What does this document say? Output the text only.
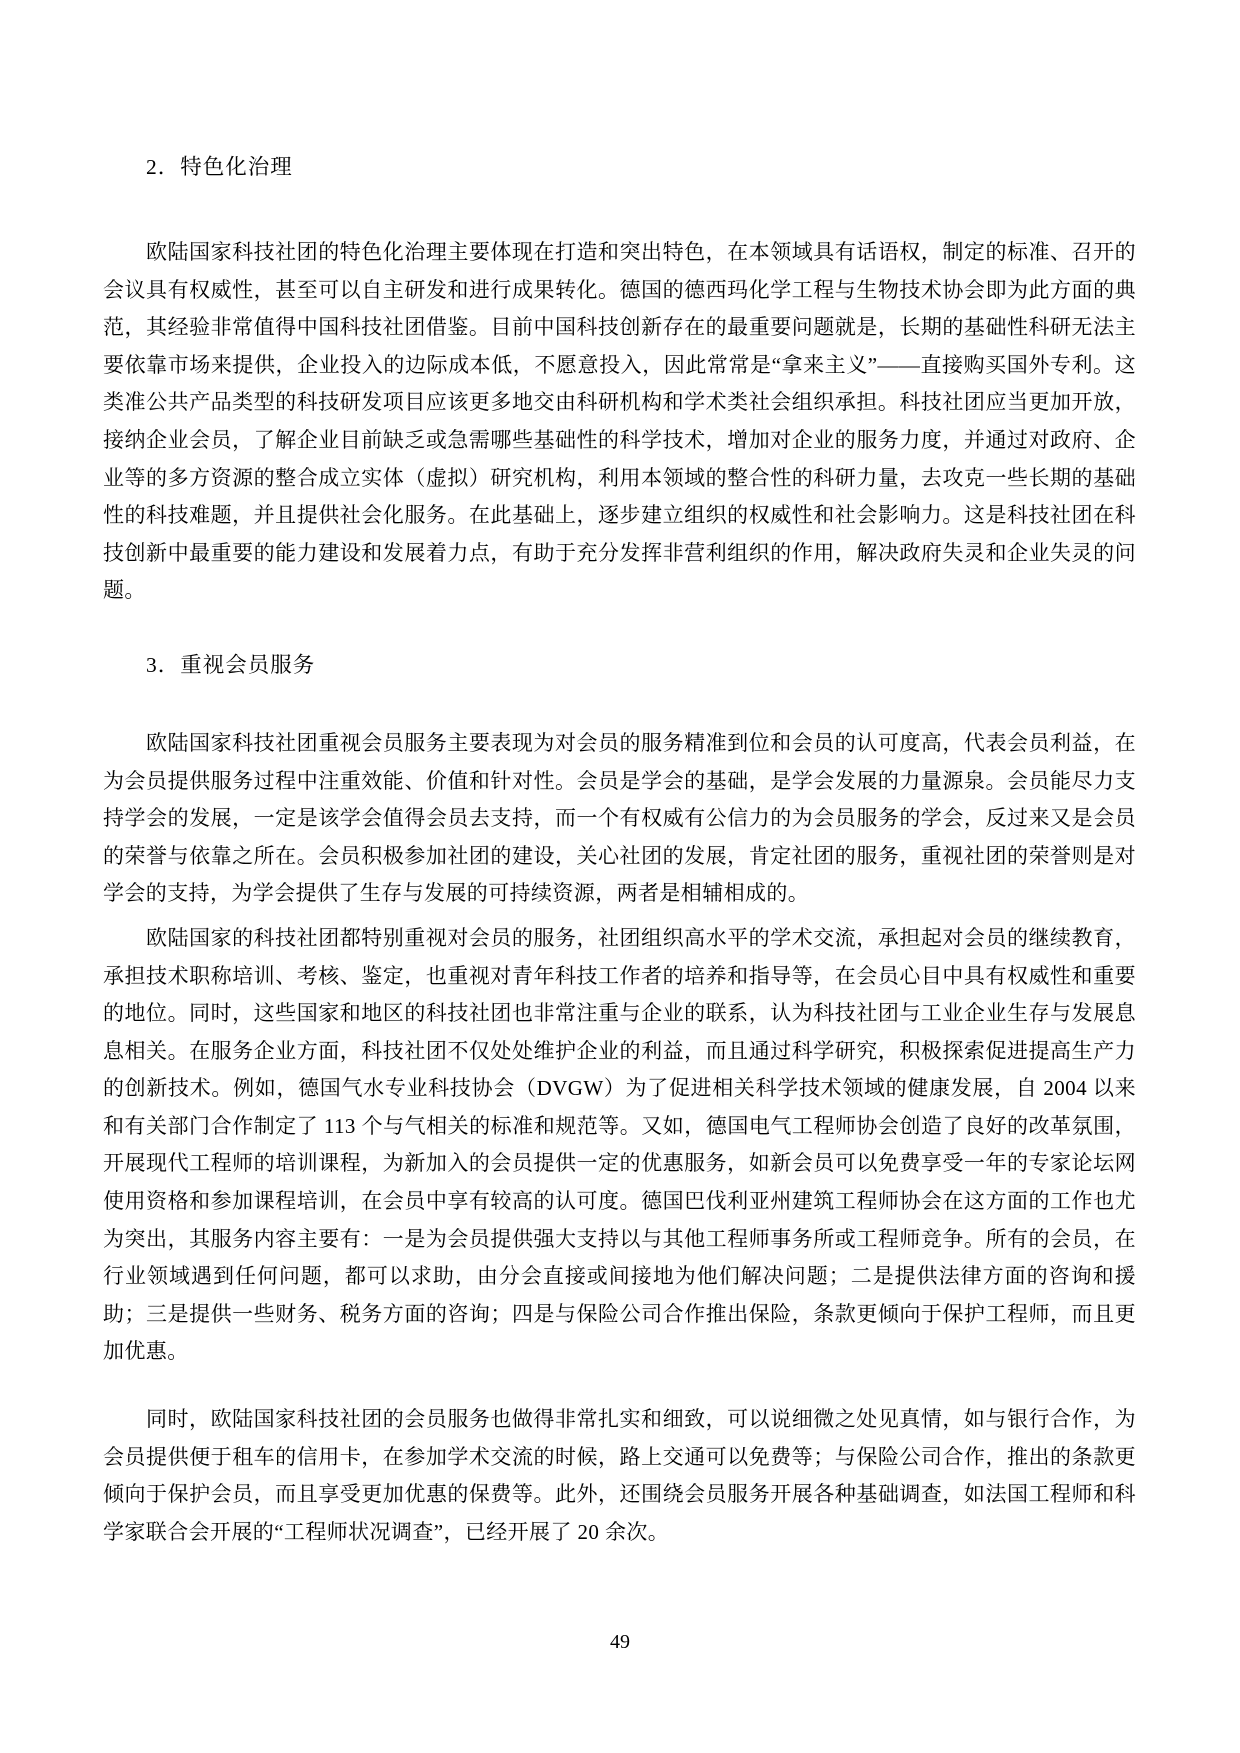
2．特色化治理

欧陆国家科技社团的特色化治理主要体现在打造和突出特色，在本领域具有话语权，制定的标准、召开的会议具有权威性，甚至可以自主研发和进行成果转化。德国的德西玛化学工程与生物技术协会即为此方面的典范，其经验非常值得中国科技社团借鉴。目前中国科技创新存在的最重要问题就是，长期的基础性科研无法主要依靠市场来提供，企业投入的边际成本低，不愿意投入，因此常常是“拿来主义”——直接购买国外专利。这类准公共产品类型的科技研发项目应该更多地交由科研机构和学术类社会组织承担。科技社团应当更加开放，接纳企业会员，了解企业目前缺乏或急需哪些基础性的科学技术，增加对企业的服务力度，并通过对政府、企业等的多方资源的整合成立实体（虚拟）研究机构，利用本领域的整合性的科研力量，去攻克一些长期的基础性的科技难题，并且提供社会化服务。在此基础上，逐步建立组织的权威性和社会影响力。这是科技社团在科技创新中最重要的能力建设和发展着力点，有助于充分发挥非营利组织的作用，解决政府失灵和企业失灵的问题。

3．重视会员服务

欧陆国家科技社团重视会员服务主要表现为对会员的服务精准到位和会员的认可度高，代表会员利益，在为会员提供服务过程中注重效能、价值和针对性。会员是学会的基础，是学会发展的力量源泉。会员能尽力支持学会的发展，一定是该学会值得会员去支持，而一个有权威有公信力的为会员服务的学会，反过来又是会员的荣誉与依靠之所在。会员积极参加社团的建设，关心社团的发展，肯定社团的服务，重视社团的荣誉则是对学会的支持，为学会提供了生存与发展的可持续资源，两者是相辅相成的。

欧陆国家的科技社团都特别重视对会员的服务，社团组织高水平的学术交流，承担起对会员的继续教育，承担技术职称培训、考核、鉴定，也重视对青年科技工作者的培养和指导等，在会员心目中具有权威性和重要的地位。同时，这些国家和地区的科技社团也非常注重与企业的联系，认为科技社团与工业企业生存与发展息息相关。在服务企业方面，科技社团不仅处处维护企业的利益，而且通过科学研究，积极探索促进提高生产力的创新技术。例如，德国气水专业科技协会（DVGW）为了促进相关科学技术领域的健康发展，自 2004 以来和有关部门合作制定了 113 个与气相关的标准和规范等。又如，德国电气工程师协会创造了良好的改革氛围，开展现代工程师的培训课程，为新加入的会员提供一定的优惠服务，如新会员可以免费享受一年的专家论坛网使用资格和参加课程培训，在会员中享有较高的认可度。德国巴伐利亚州建筑工程师协会在这方面的工作也尤为突出，其服务内容主要有：一是为会员提供强大支持以与其他工程师事务所或工程师竞争。所有的会员，在行业领域遇到任何问题，都可以求助，由分会直接或间接地为他们解决问题；二是提供法律方面的咨询和援助；三是提供一些财务、税务方面的咨询；四是与保险公司合作推出保险，条款更倾向于保护工程师，而且更加优惠。

同时，欧陆国家科技社团的会员服务也做得非常扎实和细致，可以说细微之处见真情，如与银行合作，为会员提供便于租车的信用卡，在参加学术交流的时候，路上交通可以免费等；与保险公司合作，推出的条款更倾向于保护会员，而且享受更加优惠的保费等。此外，还围绕会员服务开展各种基础调查，如法国工程师和科学家联合会开展的“工程师状况调查”，已经开展了 20 余次。

49
